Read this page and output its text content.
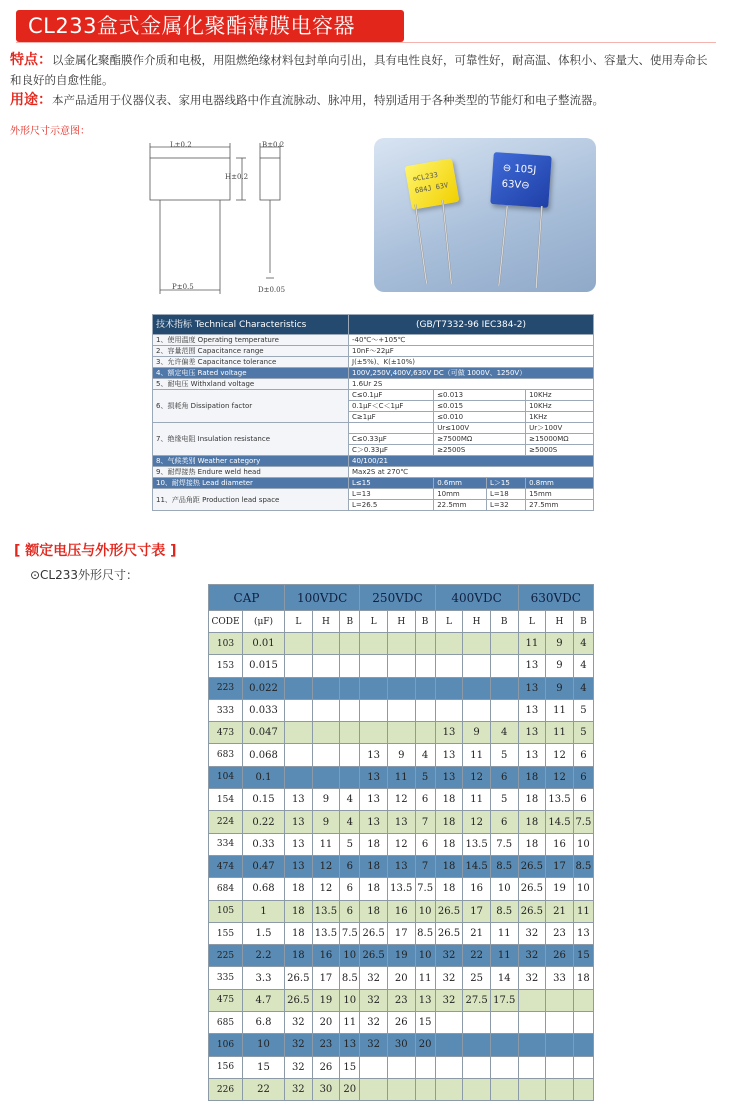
CL233盒式金属化聚酯薄膜电容器
特点：以金属化聚酯膜作介质和电极，用阻燃绝缘材料包封单向引出，具有电性良好，可靠性好，耐高温、体积小、容量大、使用寿命长和良好的自愈性能。
用途：本产品适用于仪器仪表、家用电器线路中作直流脉动、脉冲用，特别适用于各种类型的节能灯和电子整流器。
外形尺寸示意图：
L±0.2
H±0.2
B±0.2
P±0.5	D±0.05
⊖CL233
684J 63V
⊖ 105J
63V⊖
技术指标 Technical Characteristics	(GB/T7332-96 IEC384-2)			
1、使用温度 Operating temperature	-40℃～+105℃			
2、容量范围 Capacitance range	10nF～22μF			
3、允许偏差 Capacitance tolerance	J(±5%)、K(±10%)			
4、额定电压 Rated voltage	100V,250V,400V,630V DC（可做 1000V、1250V）			
5、耐电压 Withxland voltage	1.6Ur 2S			
6、损耗角 Dissipation factor	C≤0.1μF	≤0.013		10KHz
	0.1μF＜C＜1μF	≤0.015		10KHz
	C≥1μF	≤0.010		1KHz
7、绝缘电阻 Insulation resistance		Ur≤100V		Ur＞100V
	C≤0.33μF	≥7500MΩ		≥15000MΩ
	C＞0.33μF	≥2500S		≥5000S
8、气候类别 Weather category	40/100/21			
9、耐焊接热 Endure weld head	Max2S at 270℃			
10、耐焊接热 Lead diameter	L≤15	0.6mm	L＞15	0.8mm
11、产品角距 Production lead space	L=13	10mm	L=18	15mm
	L=26.5	22.5mm	L=32	27.5mm
[ 额定电压与外形尺寸表 ]
⊙CL233外形尺寸：
CAP		100VDC			250VDC			400VDC			630VDC		
CODE	(μF)	L	H	B	L	H	B	L	H	B	L	H	B
103	0.01										11	9	4
153	0.015										13	9	4
223	0.022										13	9	4
333	0.033										13	11	5
473	0.047							13	9	4	13	11	5
683	0.068				13	9	4	13	11	5	13	12	6
104	0.1				13	11	5	13	12	6	18	12	6
154	0.15	13	9	4	13	12	6	18	11	5	18	13.5	6
224	0.22	13	9	4	13	13	7	18	12	6	18	14.5	7.5
334	0.33	13	11	5	18	12	6	18	13.5	7.5	18	16	10
474	0.47	13	12	6	18	13	7	18	14.5	8.5	26.5	17	8.5
684	0.68	18	12	6	18	13.5	7.5	18	16	10	26.5	19	10
105	1	18	13.5	6	18	16	10	26.5	17	8.5	26.5	21	11
155	1.5	18	13.5	7.5	26.5	17	8.5	26.5	21	11	32	23	13
225	2.2	18	16	10	26.5	19	10	32	22	11	32	26	15
335	3.3	26.5	17	8.5	32	20	11	32	25	14	32	33	18
475	4.7	26.5	19	10	32	23	13	32	27.5	17.5			
685	6.8	32	20	11	32	26	15						
106	10	32	23	13	32	30	20						
156	15	32	26	15									
226	22	32	30	20									
